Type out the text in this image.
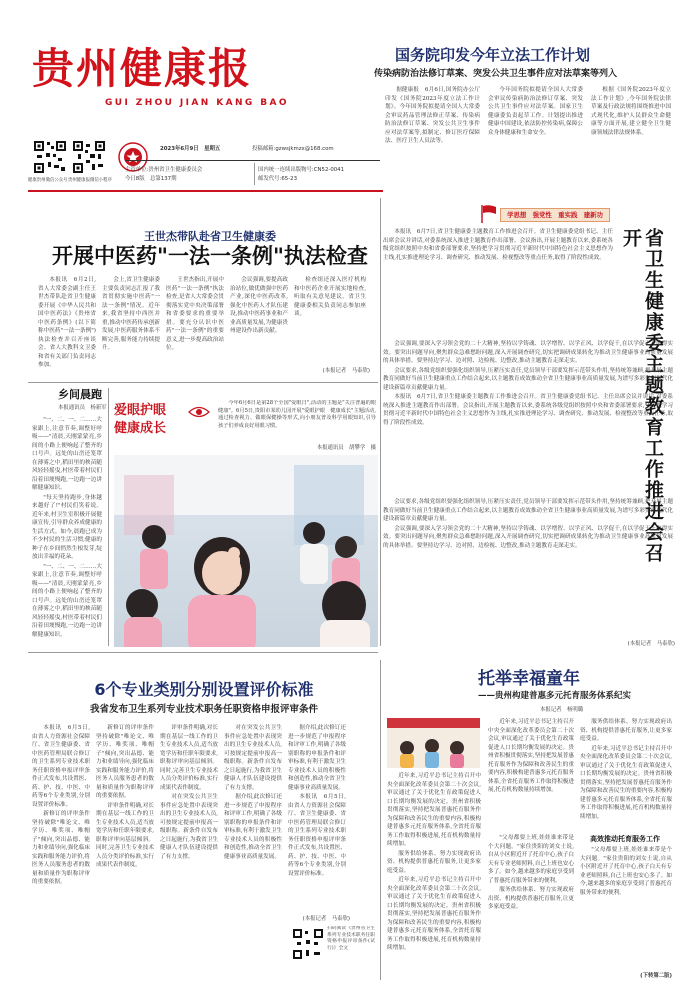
贵州健康报
GUI ZHOU JIAN KANG BAO
健康贵州微信公众号 贵州健康报微信小程序
2023年6月9日　星期五	投稿邮箱:gzwsjkmzx@168.com
主管单位:贵州省卫生健康委员会
今日8版　总第137期
国内统一连续出版物号:CN52-0041
邮发代号:65-23
国务院印发今年立法工作计划
传染病防治法修订草案、突发公共卫生事件应对法草案等列入

据健康报　6月6日,国务院办公厅印发《国务院2023年度立法工作计划》。今年国务院拟提请全国人大常委会审议药品管理法修正草案、传染病防治法修订草案、突发公共卫生事件应对法草案等,拟制定、修订医疗保障法、医疗卫生人员法等。

今年国务院拟提请全国人大常委会审议传染病防治法修订草案、突发公共卫生事件应对法草案。国家卫生健康委负责起草工作。计划提出推进健康中国建设,依法防控传染病,保障公众身体健康和生命安全。

根据《国务院2023年度立法工作计划》,今年国务院法律草案及行政法规将围绕推进中国式现代化,维护人民群众生命健康等方面开展,建立健全卫生健康领域法律法规体系。

学思想　强党性　重实践　建新功

本报讯　6月7日,省卫生健康委主题教育工作推进会召开。省卫生健康委党组书记、主任出席会议并讲话,对委系统深入推进主题教育作出部署。会议指出,开展主题教育以来,委系统各级党组织按照中央和省委部署要求,坚持把学习贯彻习近平新时代中国特色社会主义思想作为主线,扎实推进理论学习、调查研究、推动发展、检视整改等重点任务,取得了阶段性成效。	省卫生健康委主题教育工作推进会召开

会议强调,要深入学习领会党的二十大精神,坚持以学铸魂、以学增智、以学正风、以学促干,在以学促干上取得实效。要突出问题导向,聚焦群众急难愁盼问题,深入开展调查研究,切实把调研成果转化为推动卫生健康事业高质量发展的具体举措。要坚持边学习、边对照、边检视、边整改,推动主题教育走深走实。

会议要求,各级党组织要强化组织领导,压紧压实责任,党员领导干部要发挥示范带头作用,坚持统筹兼顾,把开展主题教育同做好当前卫生健康重点工作结合起来,以主题教育成效推动全省卫生健康事业高质量发展,为谱写多彩贵州现代化建设新篇章贡献健康力量。

本报讯　6月7日,省卫生健康委主题教育工作推进会召开。省卫生健康委党组书记、主任出席会议并讲话,对委系统深入推进主题教育作出部署。会议指出,开展主题教育以来,委系统各级党组织按照中央和省委部署要求,坚持把学习贯彻习近平新时代中国特色社会主义思想作为主线,扎实推进理论学习、调查研究、推动发展、检视整改等重点任务,取得了阶段性成效。

会议要求,各级党组织要强化组织领导,压紧压实责任,党员领导干部要发挥示范带头作用,坚持统筹兼顾,把开展主题教育同做好当前卫生健康重点工作结合起来,以主题教育成效推动全省卫生健康事业高质量发展,为谱写多彩贵州现代化建设新篇章贡献健康力量。

会议强调,要深入学习领会党的二十大精神,坚持以学铸魂、以学增智、以学正风、以学促干,在以学促干上取得实效。要突出问题导向,聚焦群众急难愁盼问题,深入开展调查研究,切实把调研成果转化为推动卫生健康事业高质量发展的具体举措。要坚持边学习、边对照、边检视、边整改,推动主题教育走深走实。

(本报记者　马泰欣)
王世杰带队赴省卫生健康委
开展中医药"一法一条例"执法检查

本报讯　6月2日,省人大常委会副主任王世杰带队赴省卫生健康委开展《中华人民共和国中医药法》《贵州省中医药条例》(以下简称中医药"一法一条例")执法检查并召开座谈会。省人大教科文卫委和省有关部门负责同志参加。

会上,省卫生健康委主要负责同志汇报了我省贯彻实施中医药"一法一条例"情况。近年来,我省坚持中西医并重,推动中医药传承创新发展,中医药服务体系不断完善,服务能力持续提升。

王世杰指出,开展中医药"一法一条例"执法检查,是省人大常委会贯彻落实党中央决策部署和省委要求的重要举措。要充分认识中医药"一法一条例"的重要意义,进一步提高政治站位。

会议强调,要提高政治站位,做优做强中医药产业,深化中医药改革,强化中医药人才队伍建设,推动中医药事业和产业高质量发展,为健康贵州建设作出新贡献。

检查组还深入医疗机构和中医药企业开展实地检查,听取有关意见建议。省卫生健康委相关负责同志参加座谈。

(本报记者　马泰欣)
乡间晨跑
本报通讯员　杨新军

"一、二、一、二……大家跟上,注意节奏,调整好呼吸——"清晨,天刚蒙蒙亮,乡间的小路上便响起了整齐的口号声。远处的山峦还笼罩在薄雾之中,稻田里的秧苗随风轻轻摇曳,村医带着村民们沿着田埂慢跑,一边跑一边讲解健康知识。

"每天坚持跑步,身体越来越好了!"村民们笑着说。近年来,村卫生室积极开展健康宣传,引导群众养成健康的生活方式。如今,晨跑已成为不少村民的生活习惯,健康的种子在乡间悄然生根发芽,绽放出幸福的花朵。

"一、二、一、二……大家跟上,注意节奏,调整好呼吸——"清晨,天刚蒙蒙亮,乡间的小路上便响起了整齐的口号声。远处的山峦还笼罩在薄雾之中,稻田里的秧苗随风轻轻摇曳,村医带着村民们沿着田埂慢跑,一边跑一边讲解健康知识。

爱眼护眼　健康成长

今年6月6日是第28个全国"爱眼日",活动的主题是"关注普遍的眼健康"。6月5日,贵阳市某幼儿园开展"爱眼护眼　健康成长"主题活动,通过检查视力、做眼保健操等形式,向小朋友普及科学用眼知识,引导孩子们养成良好用眼习惯。

本报通讯员　胡攀学　摄
6个专业类别分别设置评价标准
我省发布卫生系列专业技术职务任职资格申报评审条件

本报讯　6月5日,由省人力资源社会保障厅、省卫生健康委、省中医药管理局联合修订的卫生系列专业技术职务任职资格申报评审条件正式发布,共设置医、药、护、技、中医、中药等6个专业类别,分别设置评价标准。

新修订的评审条件坚持破除"唯论文、唯学历、唯奖项、唯帽子"倾向,突出品德、能力和业绩导向,强化临床实践和服务能力评价,将医务人员服务患者的数量和质量作为职称评审的重要依据。

新修订的评审条件坚持破除"唯论文、唯学历、唯奖项、唯帽子"倾向,突出品德、能力和业绩导向,强化临床实践和服务能力评价,将医务人员服务患者的数量和质量作为职称评审的重要依据。

评审条件明确,对长期在基层一线工作的卫生专业技术人员,适当放宽学历和任职年限要求,职称评审向基层倾斜。同时,完善卫生专业技术人员分类评价标准,实行成果代表作制度。

评审条件明确,对长期在基层一线工作的卫生专业技术人员,适当放宽学历和任职年限要求,职称评审向基层倾斜。同时,完善卫生专业技术人员分类评价标准,实行成果代表作制度。

对在突发公共卫生事件应急处置中表现突出的卫生专业技术人员,可按规定提前申报高一级职称。新条件自发布之日起施行,为我省卫生健康人才队伍建设提供了有力支撑。

对在突发公共卫生事件应急处置中表现突出的卫生专业技术人员,可按规定提前申报高一级职称。新条件自发布之日起施行,为我省卫生健康人才队伍建设提供了有力支撑。

据介绍,此次修订还进一步规范了申报程序和评审工作,明确了各级别职称的申报条件和评审标准,有利于激发卫生专业技术人员的积极性和创造性,推动全省卫生健康事业高质量发展。

据介绍,此次修订还进一步规范了申报程序和评审工作,明确了各级别职称的申报条件和评审标准,有利于激发卫生专业技术人员的积极性和创造性,推动全省卫生健康事业高质量发展。

本报讯　6月5日,由省人力资源社会保障厅、省卫生健康委、省中医药管理局联合修订的卫生系列专业技术职务任职资格申报评审条件正式发布,共设置医、药、护、技、中医、中药等6个专业类别,分别设置评价标准。

(本报记者　马泰欣)
扫码阅读《贵州省卫生系列专业技术职务任职资格申报评审条件(试行)》全文
托举幸福童年
——贵州构建普惠多元托育服务体系纪实
本报记者　杨明璐

近年来,习近平总书记主持召开中央全面深化改革委员会第二十次会议,审议通过了关于优化生育政策促进人口长期均衡发展的决定。贵州省积极贯彻落实,坚持把发展普惠托育服务作为保障和改善民生的重要内容,积极构建普惠多元托育服务体系,全省托育服务工作取得积极进展,托育机构数量持续增加。

服务供给体系、努力实现政府出资、机构提供普惠托育服务,让更多家庭受益。

近年来,习近平总书记主持召开中央全面深化改革委员会第二十次会议,审议通过了关于优化生育政策促进人口长期均衡发展的决定。贵州省积极贯彻落实,坚持把发展普惠托育服务作为保障和改善民生的重要内容,积极构建普惠多元托育服务体系,全省托育服务工作取得积极进展,托育机构数量持续增加。

近年来,习近平总书记主持召开中央全面深化改革委员会第二十次会议,审议通过了关于优化生育政策促进人口长期均衡发展的决定。贵州省积极贯彻落实,坚持把发展普惠托育服务作为保障和改善民生的重要内容,积极构建普惠多元托育服务体系,全省托育服务工作取得积极进展,托育机构数量持续增加。

服务供给体系、努力实现政府出资、机构提供普惠托育服务,让更多家庭受益。

近年来,习近平总书记主持召开中央全面深化改革委员会第二十次会议,审议通过了关于优化生育政策促进人口长期均衡发展的决定。贵州省积极贯彻落实,坚持把发展普惠托育服务作为保障和改善民生的重要内容,积极构建普惠多元托育服务体系,全省托育服务工作取得积极进展,托育机构数量持续增加。

高效推动托育服务工作

"父母都要上班,娃娃谁来带是个大问题。"家住贵阳的刘女士说,自从小区附近开了托育中心,孩子白天有专业老师照料,自己上班也安心多了。如今,越来越多的家庭享受到了普惠托育服务带来的便利。

服务供给体系、努力实现政府出资、机构提供普惠托育服务,让更多家庭受益。

"父母都要上班,娃娃谁来带是个大问题。"家住贵阳的刘女士说,自从小区附近开了托育中心,孩子白天有专业老师照料,自己上班也安心多了。如今,越来越多的家庭享受到了普惠托育服务带来的便利。

(下转第二版)
